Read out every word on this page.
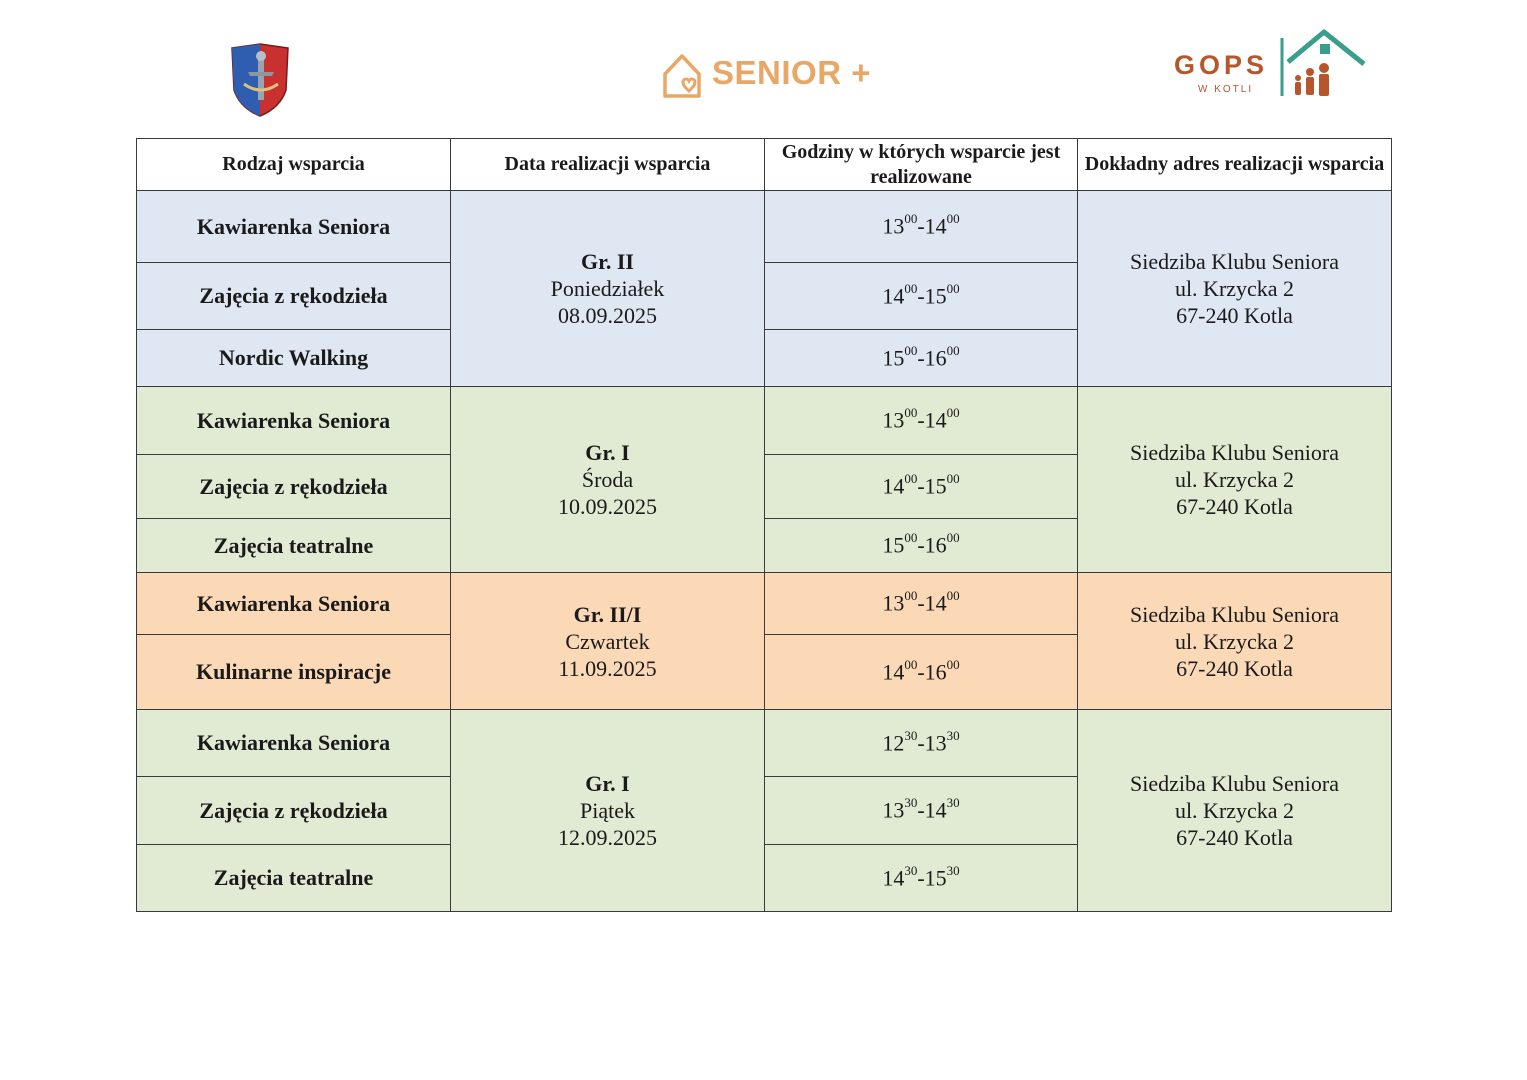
SENIOR +	GOPS
W KOTLI
Rodzaj wsparcia	Data realizacji wsparcia	Godziny w których wsparcie jest realizowane	Dokładny adres realizacji wsparcia
Kawiarenka Seniora	Gr. II
Poniedziałek
08.09.2025	$13^{00}-14^{00}$	Siedziba Klubu Seniora
ul. Krzycka 2
67-240 Kotla

Zajęcia z rękodzieła		$14^{00}-15^{00}$
Nordic Walking		$15^{00}-16^{00}$
Kawiarenka Seniora	Gr. I
Środa
10.09.2025	$13^{00}-14^{00}$	Siedziba Klubu Seniora
ul. Krzycka 2
67-240 Kotla

Zajęcia z rękodzieła		$14^{00}-15^{00}$
Zajęcia teatralne		$15^{00}-16^{00}$
Kawiarenka Seniora	Gr. II/I
Czwartek
11.09.2025	$13^{00}-14^{00}$	Siedziba Klubu Seniora
ul. Krzycka 2
67-240 Kotla

Kulinarne inspiracje		$14^{00}-16^{00}$
Kawiarenka Seniora	Gr. I
Piątek
12.09.2025	$12^{30}-13^{30}$	Siedziba Klubu Seniora
ul. Krzycka 2
67-240 Kotla

Zajęcia z rękodzieła		$13^{30}-14^{30}$
Zajęcia teatralne		$14^{30}-15^{30}$
